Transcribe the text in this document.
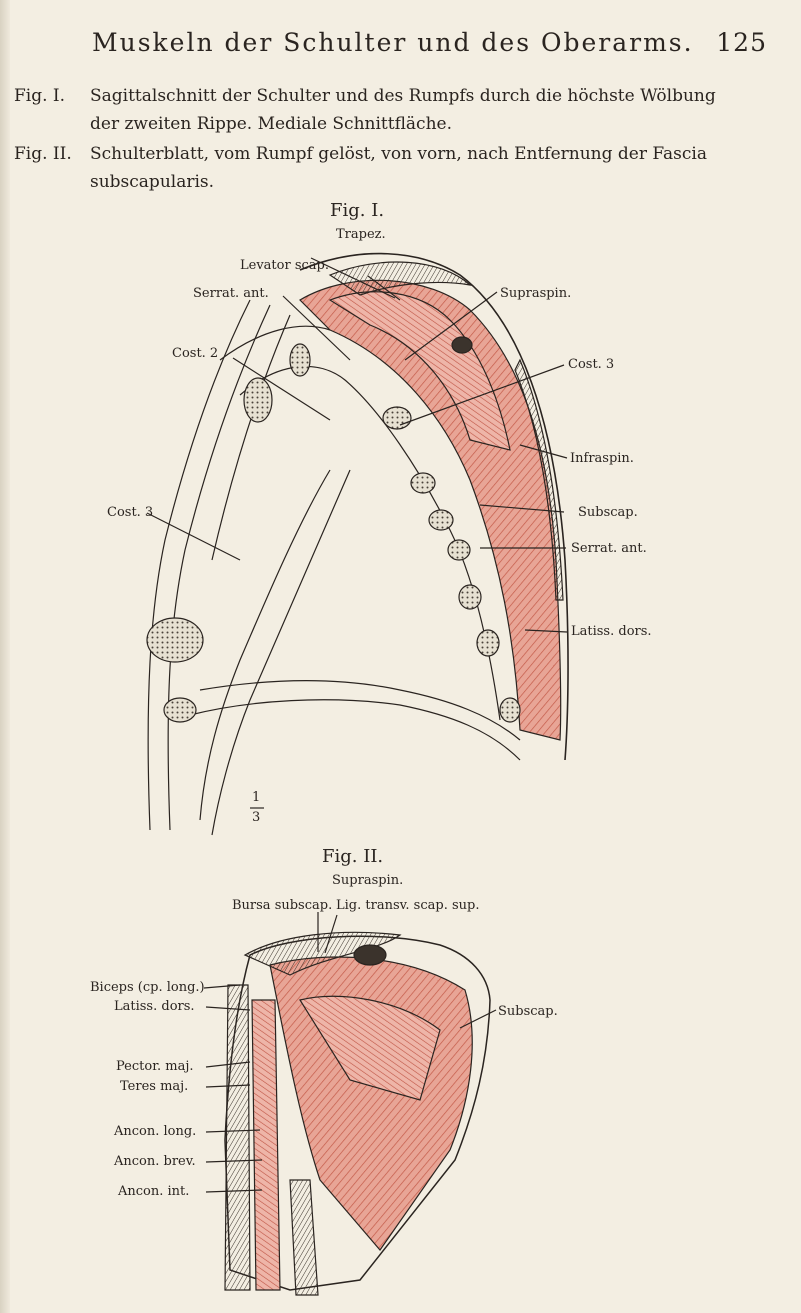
Muskeln der Schulter und des Oberarms. 125
Fig. I. Sagittalschnitt der Schulter und des Rumpfs durch die höchste Wölbung
der zweiten Rippe. Mediale Schnittfläche.
Fig. II. Schulterblatt, vom Rumpf gelöst, von vorn, nach Entfernung der Fascia
subscapularis.
Fig. I.
Trapez.
Levator scap.
Serrat. ant.	Supraspin.
Cost. 2
Cost. 3
Infraspin.
Cost. 3	Subscap.
Serrat. ant.
Latiss. dors.
1
3
Fig. II.
Supraspin.
Bursa subscap. Lig. transv. scap. sup.
Subscap.
Biceps (cp. long.)
Latiss. dors.
Pector. maj.
Teres maj.
Ancon. long.
Ancon. brev.
Ancon. int.
